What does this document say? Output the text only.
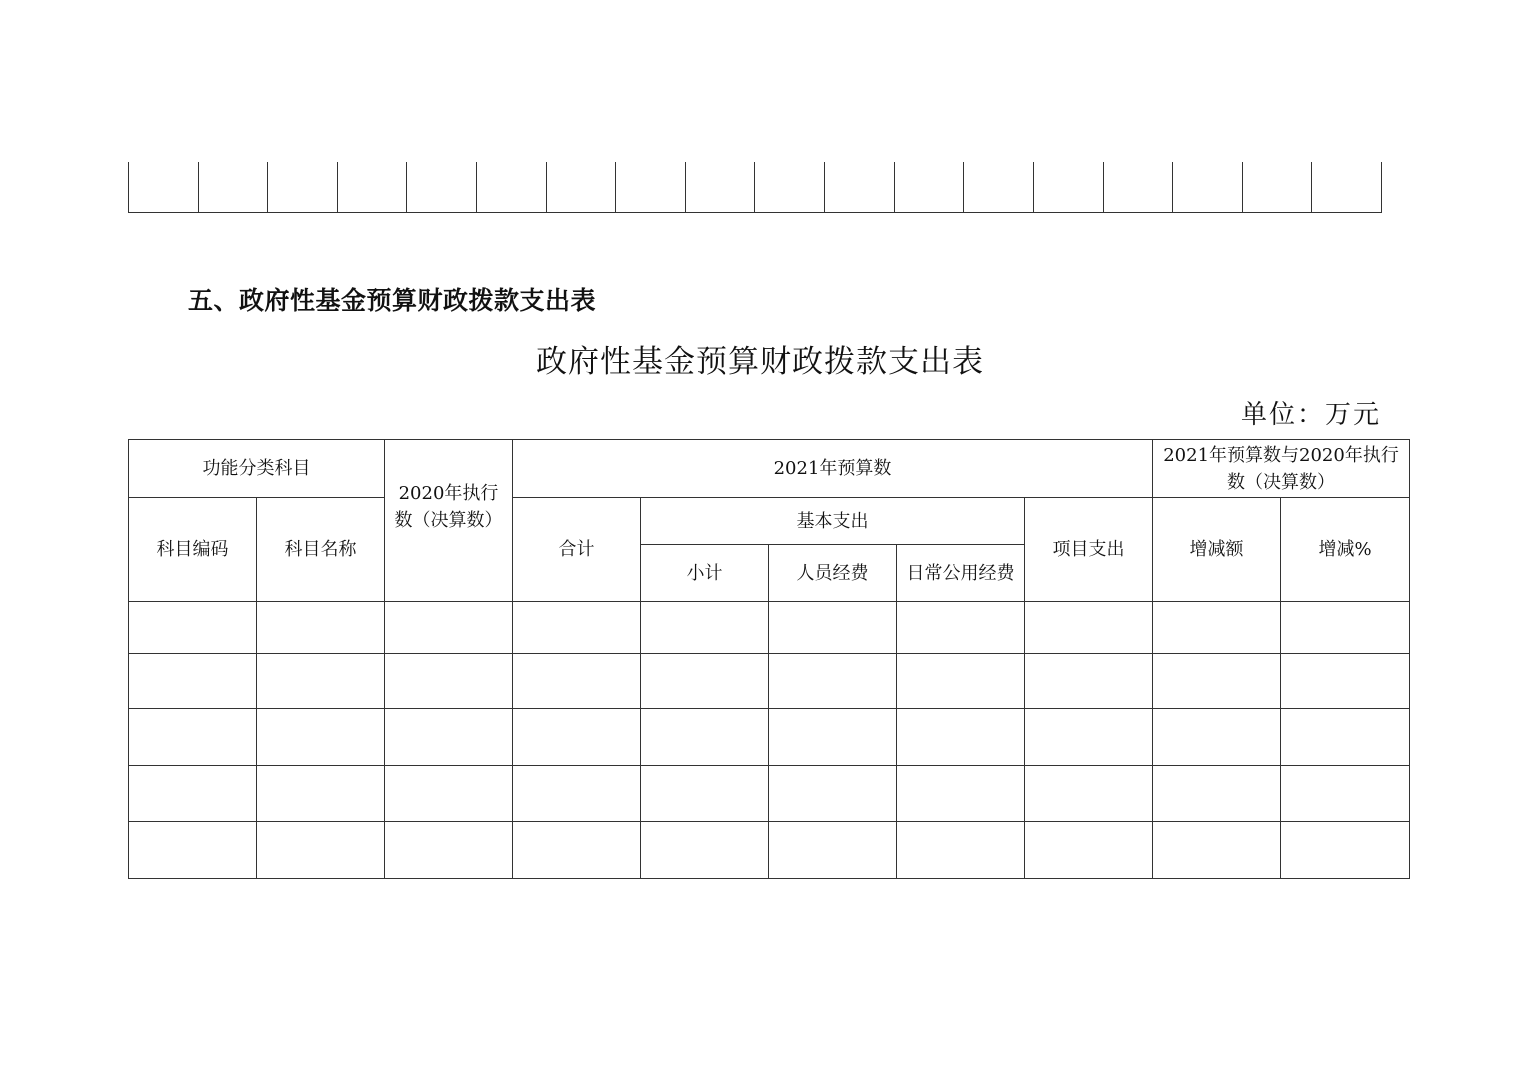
五、政府性基金预算财政拨款支出表
政府性基金预算财政拨款支出表
单位：万元
功能分类科目		2020年执行数（决算数）	2021年预算数					2021年预算数与2020年执行数（决算数）	
科目编码	科目名称		合计	基本支出			项目支出	增减额	增减%
				小计	人员经费	日常公用经费			
